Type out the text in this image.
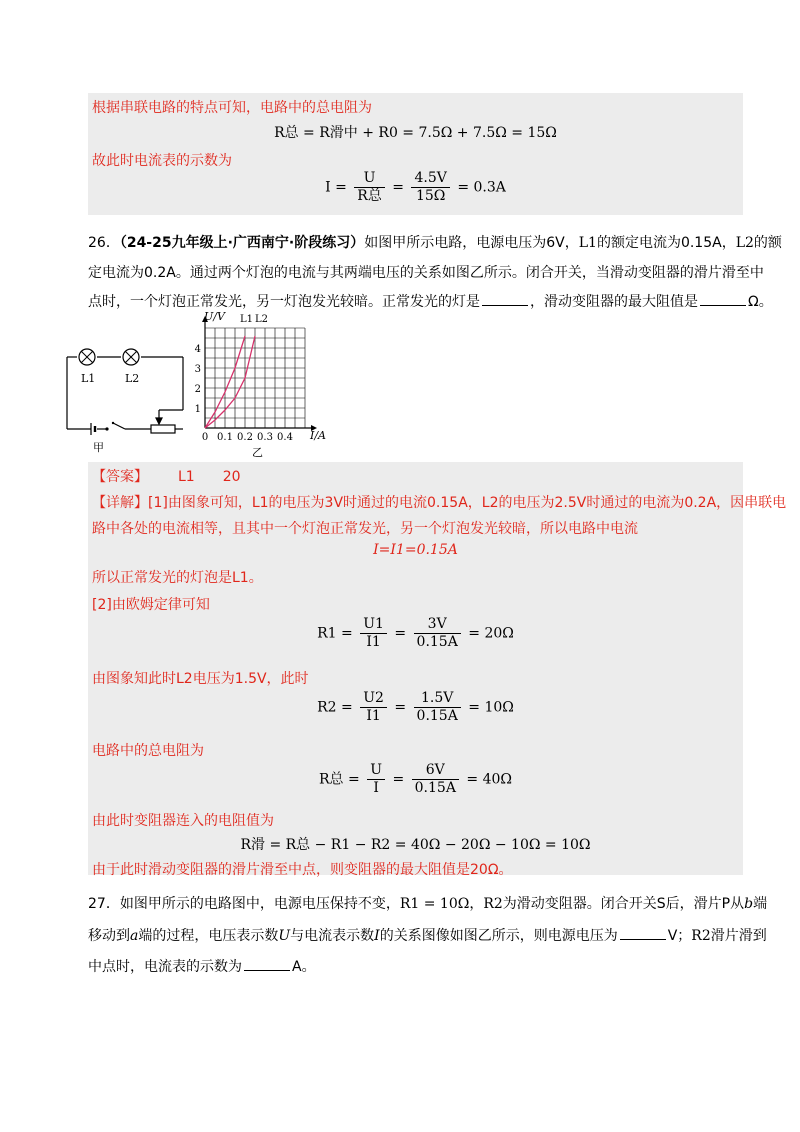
根据串联电路的特点可知，电路中的总电阻为
R总 = R滑中 + R0 = 7.5Ω + 7.5Ω = 15Ω
故此时电流表的示数为
$I = \frac{U}{\text{R总}} = \frac{4.5V}{15\Omega} = 0.3A$
26．（24-25九年级上·广西南宁·阶段练习）如图甲所示电路，电源电压为6V，L1的额定电流为0.15A，L2的额
定电流为0.2A。通过两个灯泡的电流与其两端电压的关系如图乙所示。闭合开关，当滑动变阻器的滑片滑至中
点时，一个灯泡正常发光，另一灯泡发光较暗。正常发光的灯是	，滑动变阻器的最大阻值是	Ω。
L1	L2
甲
0 0.1 0.2 0.3 0.4
1
2
3
4
U/V
I/A
L1 L2
乙
【答案】 L1 20
【详解】[1]由图象可知，L1的电压为3V时通过的电流0.15A，L2的电压为2.5V时通过的电流为0.2A，因串联电
路中各处的电流相等，且其中一个灯泡正常发光，另一个灯泡发光较暗，所以电路中电流
I=I1=0.15A
所以正常发光的灯泡是L1。
[2]由欧姆定律可知
$R1 = \frac{U1}{I1} = \frac{3V}{0.15A} = 20\Omega$
由图象知此时L2电压为1.5V，此时
$R2 = \frac{U2}{I1} = \frac{1.5V}{0.15A} = 10\Omega$
电路中的总电阻为
R总 = $\frac{U}{I} = \frac{6V}{0.15A} = 40\Omega$
由此时变阻器连入的电阻值为
R滑 = R总 − R1 − R2 = 40Ω − 20Ω − 10Ω = 10Ω
由于此时滑动变阻器的滑片滑至中点，则变阻器的最大阻值是20Ω。
27．如图甲所示的电路图中，电源电压保持不变，R1 = 10Ω，R2为滑动变阻器。闭合开关S后，滑片P从b端
移动到a端的过程，电压表示数U与电流表示数I的关系图像如图乙所示，则电源电压为	V；R2滑片滑到
中点时，电流表的示数为	A。
